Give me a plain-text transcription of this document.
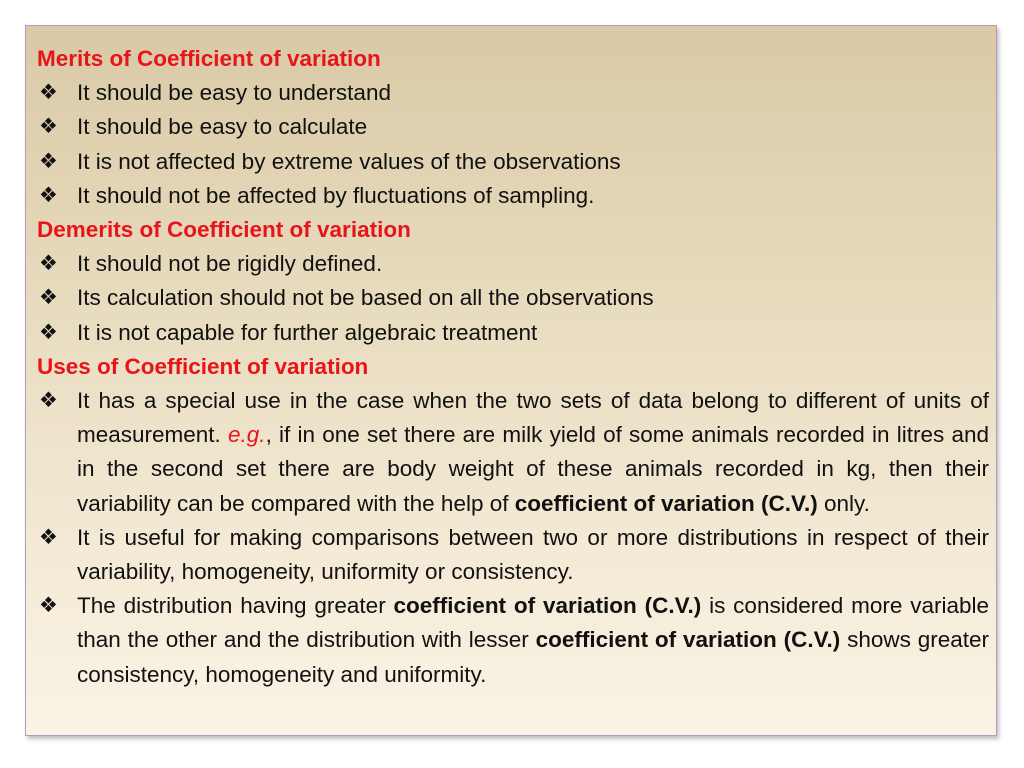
Merits of Coefficient of variation
❖ It should be easy to understand
❖ It should be easy to calculate
❖ It is not affected by extreme values of the observations
❖ It should not be affected by fluctuations of sampling.
Demerits of Coefficient of variation
❖ It should not be rigidly defined.
❖ Its calculation should not be based on all the observations
❖ It is not capable for further algebraic treatment
Uses of Coefficient of variation
❖ It has a special use in the case when the two sets of data belong to different of units of measurement. e.g., if in one set there are milk yield of some animals recorded in litres and in the second set there are body weight of these animals recorded in kg, then their variability can be compared with the help of coefficient of variation (C.V.) only.
❖ It is useful for making comparisons between two or more distributions in respect of their variability, homogeneity, uniformity or consistency.
❖ The distribution having greater coefficient of variation (C.V.) is considered more variable than the other and the distribution with lesser coefficient of variation (C.V.) shows greater consistency, homogeneity and uniformity.
